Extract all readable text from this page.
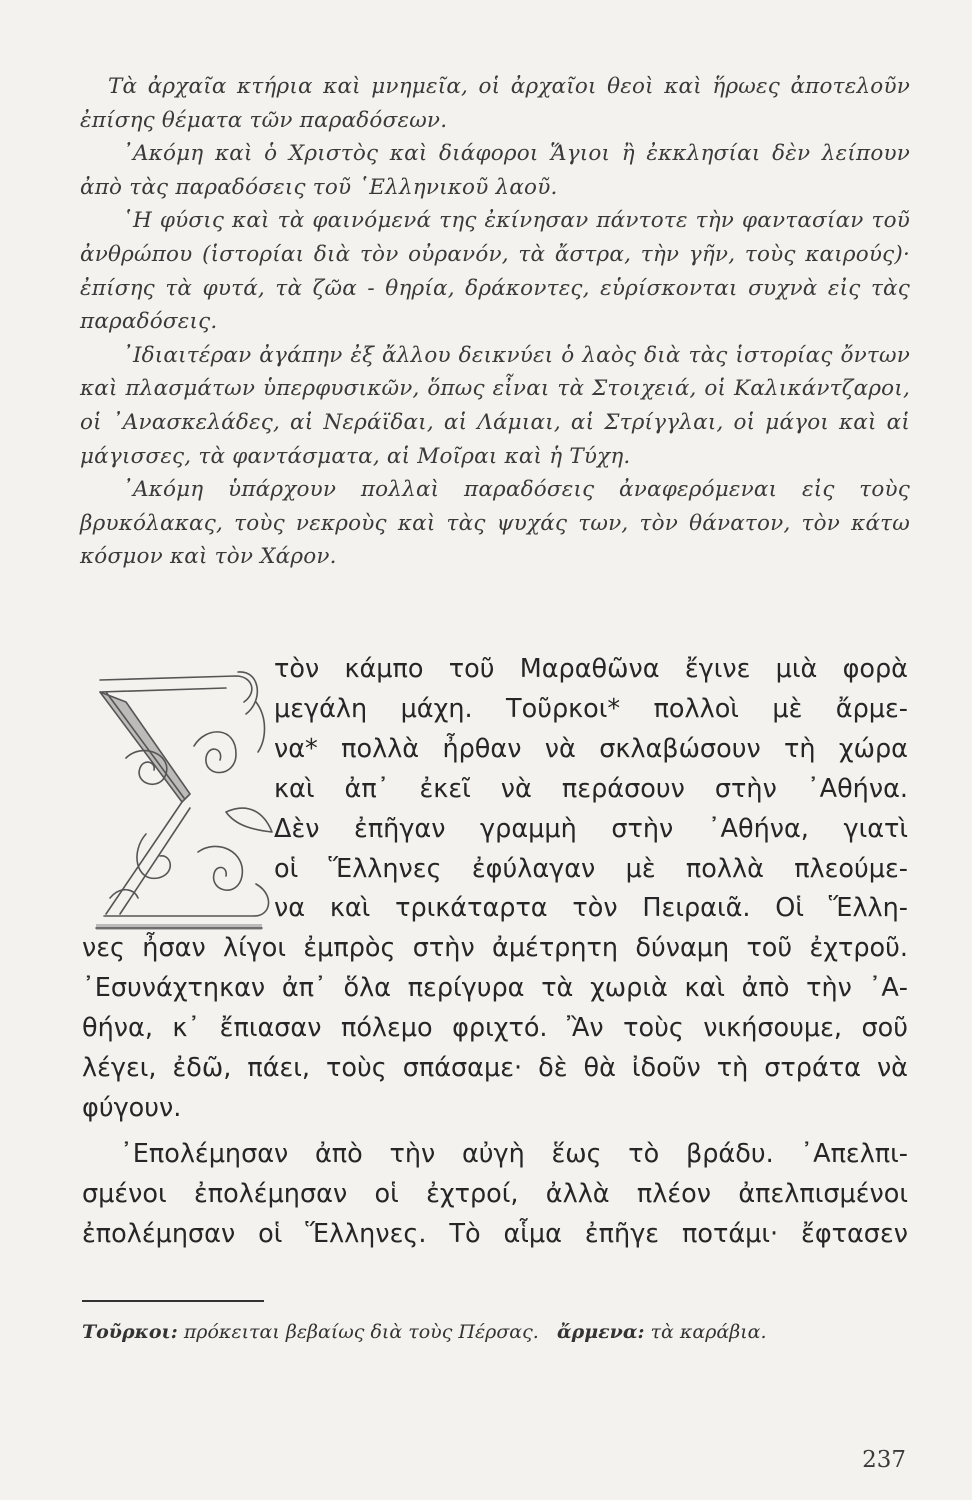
Τὰ ἀρχαῖα κτήρια καὶ μνημεῖα, οἱ ἀρχαῖοι θεοὶ καὶ ἥρωες ἀποτελοῦν ἐπίσης θέματα τῶν παραδόσεων.

᾿Ακόμη καὶ ὁ Χριστὸς καὶ διάφοροι Ἅγιοι ἢ ἐκκλησίαι δὲν λείπουν ἀπὸ τὰς παραδόσεις τοῦ ῾Ελληνικοῦ λαοῦ.

῾Η φύσις καὶ τὰ φαινόμενά της ἐκίνησαν πάντοτε τὴν φαντασίαν τοῦ ἀνθρώπου (ἱστορίαι διὰ τὸν οὐρανόν, τὰ ἄστρα, τὴν γῆν, τοὺς καιρούς)· ἐπίσης τὰ φυτά, τὰ ζῶα - θηρία, δράκοντες, εὑρίσκονται συχνὰ εἰς τὰς παραδόσεις.

᾿Ιδιαιτέραν ἀγάπην ἐξ ἄλλου δεικνύει ὁ λαὸς διὰ τὰς ἱστορίας ὄντων καὶ πλασμάτων ὑπερφυσικῶν, ὅπως εἶναι τὰ Στοιχειά, οἱ Καλικάντζαροι, οἱ ᾿Ανασκελάδες, αἱ Νεράϊδαι, αἱ Λάμιαι, αἱ Στρίγγλαι, οἱ μάγοι καὶ αἱ μάγισσες, τὰ φαντάσματα, αἱ Μοῖραι καὶ ἡ Τύχη.

᾿Ακόμη ὑπάρχουν πολλαὶ παραδόσεις ἀναφερόμεναι εἰς τοὺς βρυκόλακας, τοὺς νεκροὺς καὶ τὰς ψυχάς των, τὸν θάνατον, τὸν κάτω κόσμον καὶ τὸν Χάρον.

τὸν κάμπο τοῦ Μαραθῶνα ἔγινε μιὰ φορὰ
μεγάλη μάχη. Τοῦρκοι* πολλοὶ μὲ ἄρμε-
να* πολλὰ ἦρθαν νὰ σκλαβώσουν τὴ χώρα
καὶ ἀπ᾿ ἐκεῖ νὰ περάσουν στὴν ᾿Αθήνα.
Δὲν ἐπῆγαν γραμμὴ στὴν ᾿Αθήνα, γιατὶ
οἱ Ἕλληνες ἐφύλαγαν μὲ πολλὰ πλεούμε-
να καὶ τρικάταρτα τὸν Πειραιᾶ. Οἱ Ἕλλη-
νες ἦσαν λίγοι ἐμπρὸς στὴν ἀμέτρητη δύναμη τοῦ ἐχτροῦ.
᾿Εσυνάχτηκαν ἀπ᾿ ὅλα περίγυρα τὰ χωριὰ καὶ ἀπὸ τὴν ᾿Α-
θήνα, κ᾿ ἔπιασαν πόλεμο φριχτό. Ἂν τοὺς νικήσουμε, σοῦ
λέγει, ἐδῶ, πάει, τοὺς σπάσαμε· δὲ θὰ ἰδοῦν τὴ στράτα νὰ
φύγουν.
᾿Επολέμησαν ἀπὸ τὴν αὐγὴ ἕως τὸ βράδυ. ᾿Απελπι-
σμένοι ἐπολέμησαν οἱ ἐχτροί, ἀλλὰ πλέον ἀπελπισμένοι
ἐπολέμησαν οἱ Ἕλληνες. Τὸ αἷμα ἐπῆγε ποτάμι· ἔφτασεν
Τοῦρκοι: πρόκειται βεβαίως διὰ τοὺς Πέρσας. ἄρμενα: τὰ καράβια.
237
